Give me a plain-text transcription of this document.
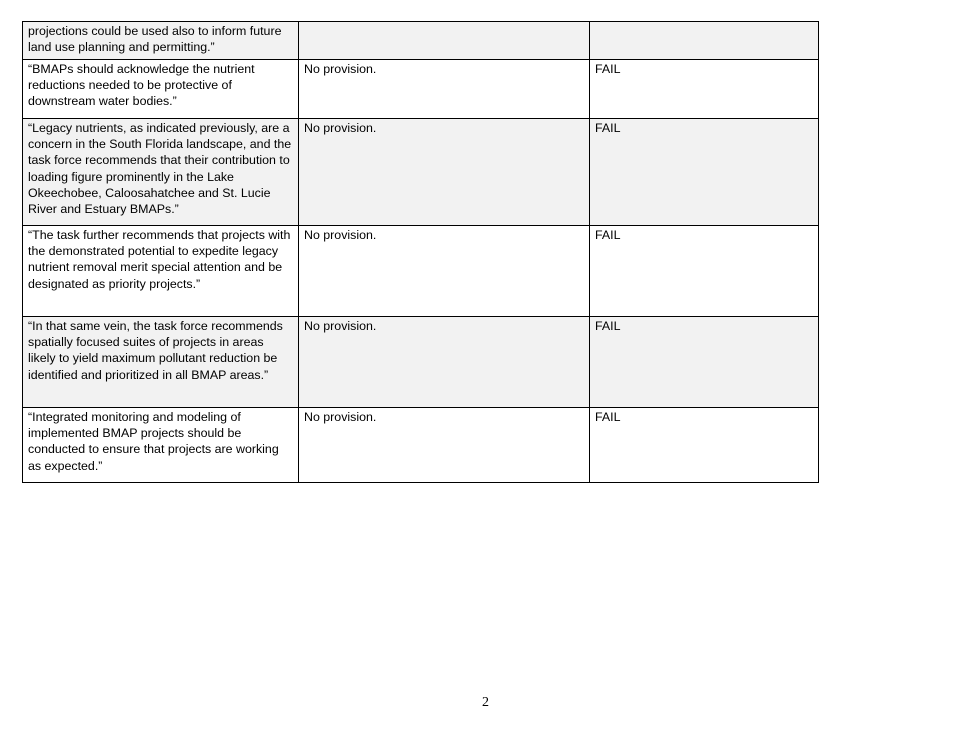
projections could be used also to inform future land use planning and permitting.”		
“BMAPs should acknowledge the nutrient reductions needed to be protective of downstream water bodies.”	No provision.	FAIL
“Legacy nutrients, as indicated previously, are a concern in the South Florida landscape, and the task force recommends that their contribution to loading figure prominently in the Lake Okeechobee, Caloosahatchee and St. Lucie River and Estuary BMAPs.”	No provision.	FAIL
“The task further recommends that projects with the demonstrated potential to expedite legacy nutrient removal merit special attention and be designated as priority projects.”	No provision.	FAIL
“In that same vein, the task force recommends spatially focused suites of projects in areas likely to yield maximum pollutant reduction be identified and prioritized in all BMAP areas.”	No provision.	FAIL
“Integrated monitoring and modeling of implemented BMAP projects should be conducted to ensure that projects are working as expected.”	No provision.	FAIL
2
